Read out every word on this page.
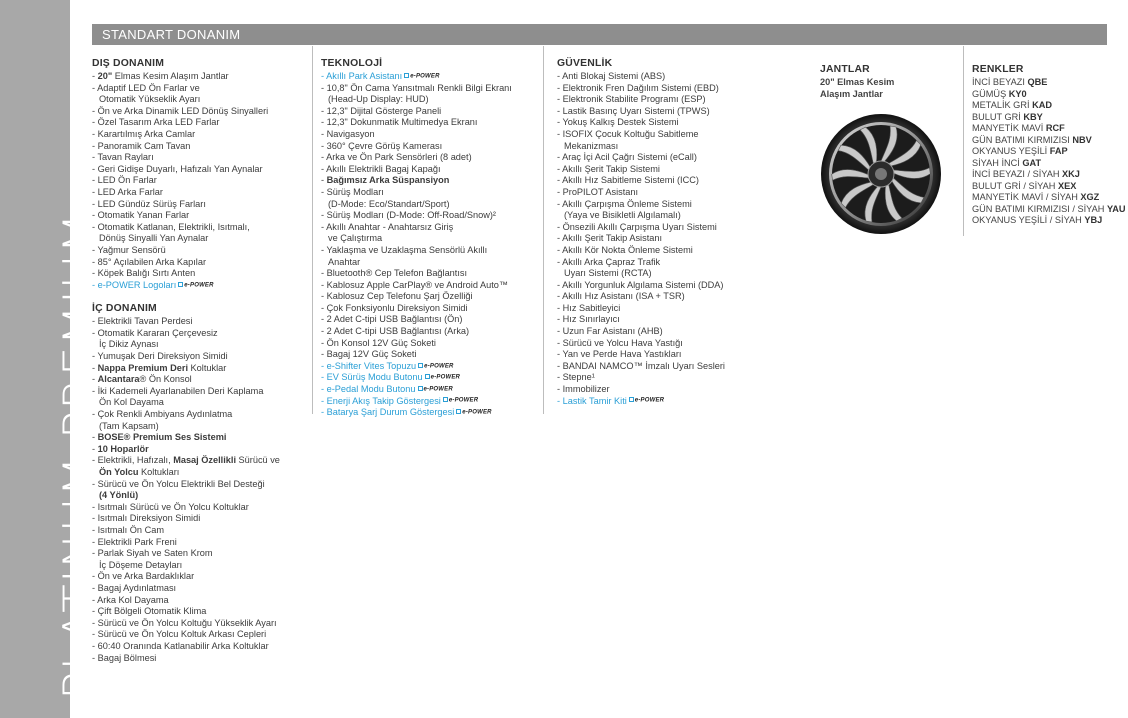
PLATINUM PREMIUM
STANDART DONANIM
DIŞ DONANIM
- 20" Elmas Kesim Alaşım Jantlar
- Adaptif LED Ön Farlar ve
Otomatik Yükseklik Ayarı
- Ön ve Arka Dinamik LED Dönüş Sinyalleri
- Özel Tasarım Arka LED Farlar
- Karartılmış Arka Camlar
- Panoramik Cam Tavan
- Tavan Rayları
- Geri Gidişe Duyarlı, Hafızalı Yan Aynalar
- LED Ön Farlar
- LED Arka Farlar
- LED Gündüz Sürüş Farları
- Otomatik Yanan Farlar
- Otomatik Katlanan, Elektrikli, Isıtmalı,
Dönüş Sinyalli Yan Aynalar
- Yağmur Sensörü
- 85° Açılabilen Arka Kapılar
- Köpek Balığı Sırtı Anten
- e-POWER Logoları e-POWER
İÇ DONANIM
- Elektrikli Tavan Perdesi
- Otomatik Kararan Çerçevesiz
İç Dikiz Aynası
- Yumuşak Deri Direksiyon Simidi
- Nappa Premium Deri Koltuklar
- Alcantara® Ön Konsol
- İki Kademeli Ayarlanabilen Deri Kaplama
Ön Kol Dayama
- Çok Renkli Ambiyans Aydınlatma
(Tam Kapsam)
- BOSE® Premium Ses Sistemi
- 10 Hoparlör
- Elektrikli, Hafızalı, Masaj Özellikli Sürücü ve
Ön Yolcu Koltukları
- Sürücü ve Ön Yolcu Elektrikli Bel Desteği
(4 Yönlü)
- Isıtmalı Sürücü ve Ön Yolcu Koltuklar
- Isıtmalı Direksiyon Simidi
- Isıtmalı Ön Cam
- Elektrikli Park Freni
- Parlak Siyah ve Saten Krom
İç Döşeme Detayları
- Ön ve Arka Bardaklıklar
- Bagaj Aydınlatması
- Arka Kol Dayama
- Çift Bölgeli Otomatik Klima
- Sürücü ve Ön Yolcu Koltuğu Yükseklik Ayarı
- Sürücü ve Ön Yolcu Koltuk Arkası Cepleri
- 60:40 Oranında Katlanabilir Arka Koltuklar
- Bagaj Bölmesi
TEKNOLOJİ
- Akıllı Park Asistanı e-POWER
- 10,8" Ön Cama Yansıtmalı Renkli Bilgi Ekranı
(Head-Up Display: HUD)
- 12,3" Dijital Gösterge Paneli
- 12,3" Dokunmatik Multimedya Ekranı
- Navigasyon
- 360° Çevre Görüş Kamerası
- Arka ve Ön Park Sensörleri (8 adet)
- Akıllı Elektrikli Bagaj Kapağı
- Bağımsız Arka Süspansiyon
- Sürüş Modları
(D-Mode: Eco/Standart/Sport)
- Sürüş Modları (D-Mode: Off-Road/Snow)²
- Akıllı Anahtar - Anahtarsız Giriş
ve Çalıştırma
- Yaklaşma ve Uzaklaşma Sensörlü Akıllı
Anahtar
- Bluetooth® Cep Telefon Bağlantısı
- Kablosuz Apple CarPlay® ve Android Auto™
- Kablosuz Cep Telefonu Şarj Özelliği
- Çok Fonksiyonlu Direksiyon Simidi
- 2 Adet C-tipi USB Bağlantısı (Ön)
- 2 Adet C-tipi USB Bağlantısı (Arka)
- Ön Konsol 12V Güç Soketi
- Bagaj 12V Güç Soketi
- e-Shifter Vites Topuzu e-POWER
- EV Sürüş Modu Butonu e-POWER
- e-Pedal Modu Butonu e-POWER
- Enerji Akış Takip Göstergesi e-POWER
- Batarya Şarj Durum Göstergesi e-POWER
GÜVENLİK
- Anti Blokaj Sistemi (ABS)
- Elektronik Fren Dağılım Sistemi (EBD)
- Elektronik Stabilite Programı (ESP)
- Lastik Basınç Uyarı Sistemi (TPWS)
- Yokuş Kalkış Destek Sistemi
- ISOFIX Çocuk Koltuğu Sabitleme
Mekanizması
- Araç İçi Acil Çağrı Sistemi (eCall)
- Akıllı Şerit Takip Sistemi
- Akıllı Hız Sabitleme Sistemi (ICC)
- ProPILOT Asistanı
- Akıllı Çarpışma Önleme Sistemi
(Yaya ve Bisikletli Algılamalı)
- Önsezili Akıllı Çarpışma Uyarı Sistemi
- Akıllı Şerit Takip Asistanı
- Akıllı Kör Nokta Önleme Sistemi
- Akıllı Arka Çapraz Trafik
Uyarı Sistemi (RCTA)
- Akıllı Yorgunluk Algılama Sistemi (DDA)
- Akıllı Hız Asistanı (ISA + TSR)
- Hız Sabitleyici
- Hız Sınırlayıcı
- Uzun Far Asistanı (AHB)
- Sürücü ve Yolcu Hava Yastığı
- Yan ve Perde Hava Yastıkları
- BANDAI NAMCO™ İmzalı Uyarı Sesleri
- Stepne¹
- Immobilizer
- Lastik Tamir Kiti e-POWER
JANTLAR
20" Elmas Kesim
Alaşım Jantlar
RENKLER
İNCİ BEYAZI QBE
GÜMÜŞ KY0
METALİK GRİ KAD
BULUT GRİ KBY
MANYETİK MAVİ RCF
GÜN BATIMI KIRMIZISI NBV
OKYANUS YEŞİLİ FAP
SİYAH İNCİ GAT
İNCİ BEYAZI / SİYAH XKJ
BULUT GRİ / SİYAH XEX
MANYETİK MAVİ / SİYAH XGZ
GÜN BATIMI KIRMIZISI / SİYAH YAU
OKYANUS YEŞİLİ / SİYAH YBJ
